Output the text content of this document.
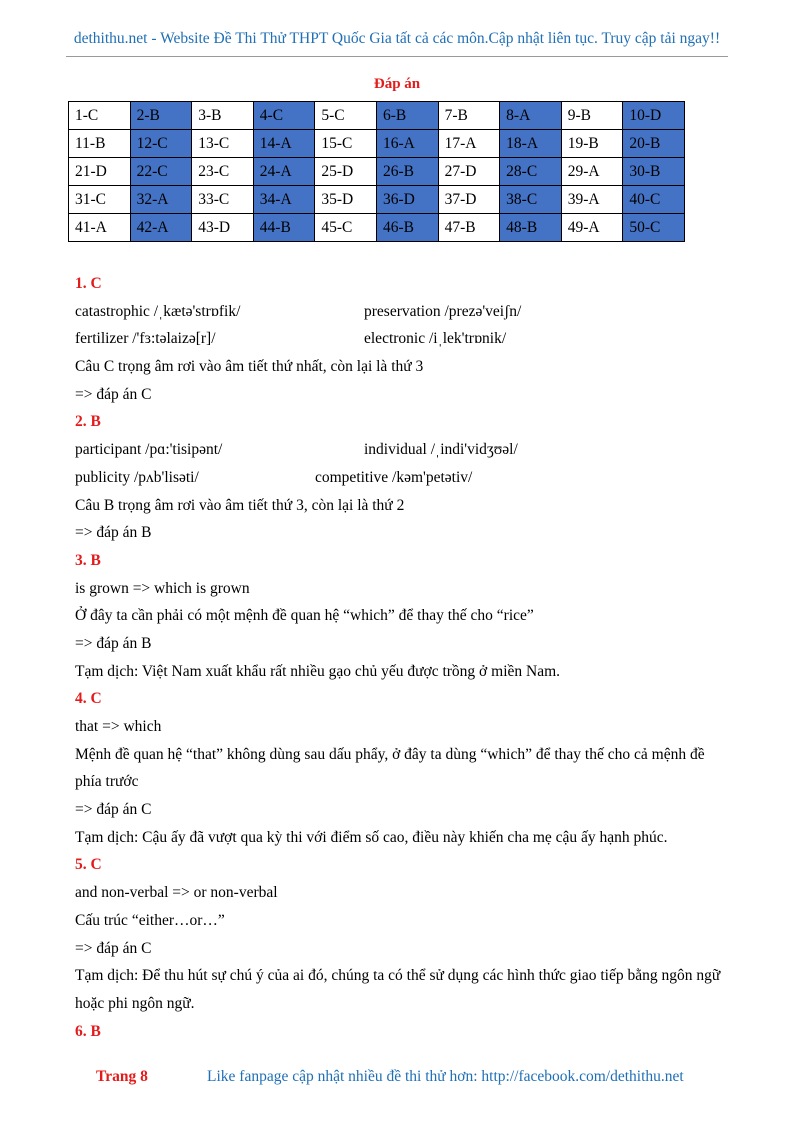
dethithu.net - Website Đề Thi Thử THPT Quốc Gia tất cả các môn.Cập nhật liên tục. Truy cập tải ngay!!
Đáp án
1-C	2-B	3-B	4-C	5-C	6-B	7-B	8-A	9-B	10-D
11-B	12-C	13-C	14-A	15-C	16-A	17-A	18-A	19-B	20-B
21-D	22-C	23-C	24-A	25-D	26-B	27-D	28-C	29-A	30-B
31-C	32-A	33-C	34-A	35-D	36-D	37-D	38-C	39-A	40-C
41-A	42-A	43-D	44-B	45-C	46-B	47-B	48-B	49-A	50-C
1. C
catastrophic /ˌkætə'strɒfik/	preservation /prezə'veiʃn/
fertilizer /'fɜ:təlaizə[r]/	electronic /iˌlek'trɒnik/
Câu C trọng âm rơi vào âm tiết thứ nhất, còn lại là thứ 3
=> đáp án C
2. B
participant /pɑ:'tisipənt/	individual /ˌindi'vidʒʊəl/
publicity /pʌb'lisəti/	competitive /kəm'petətiv/
Câu B trọng âm rơi vào âm tiết thứ 3, còn lại là thứ 2
=> đáp án B
3. B
is grown => which is grown
Ở đây ta cần phải có một mệnh đề quan hệ “which” để thay thế cho “rice”
=> đáp án B
Tạm dịch: Việt Nam xuất khẩu rất nhiều gạo chủ yếu được trồng ở miền Nam.
4. C
that => which
Mệnh đề quan hệ “that” không dùng sau dấu phẩy, ở đây ta dùng “which” để thay thế cho cả mệnh đề phía trước
=> đáp án C
Tạm dịch: Cậu ấy đã vượt qua kỳ thi với điểm số cao, điều này khiến cha mẹ cậu ấy hạnh phúc.
5. C
and non-verbal => or non-verbal
Cấu trúc “either…or…”
=> đáp án C
Tạm dịch: Để thu hút sự chú ý của ai đó, chúng ta có thể sử dụng các hình thức giao tiếp bằng ngôn ngữ hoặc phi ngôn ngữ.
6. B
Trang 8	Like fanpage cập nhật nhiều đề thi thử hơn: http://facebook.com/dethithu.net
